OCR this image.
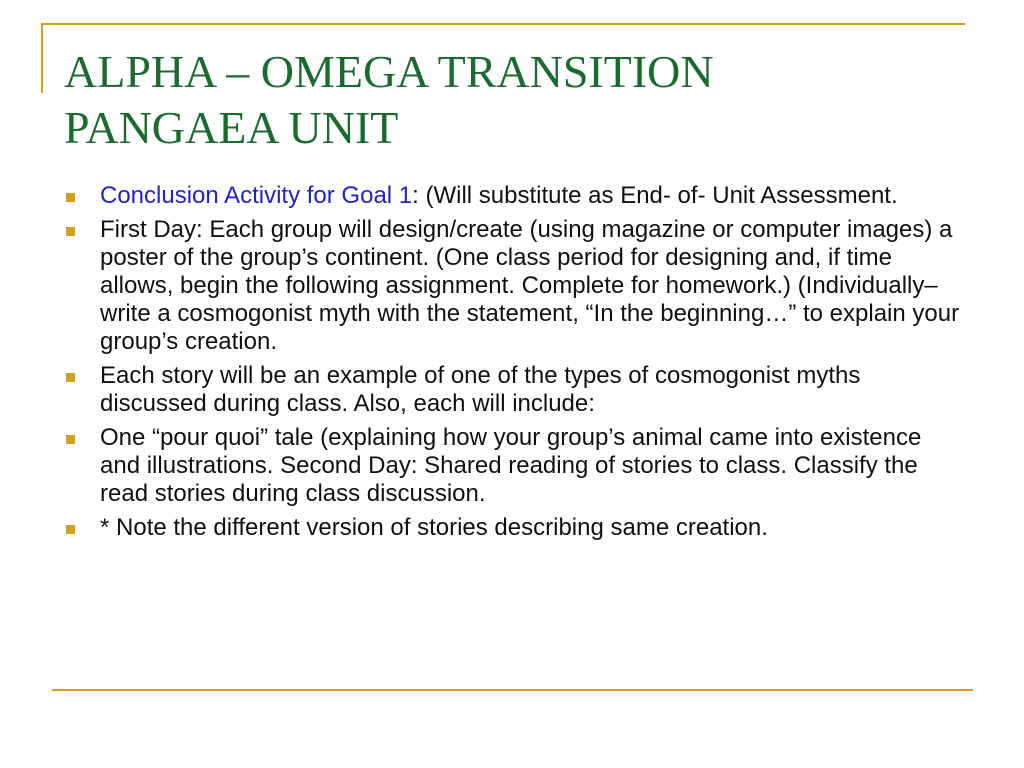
ALPHA – OMEGA TRANSITION
PANGAEA UNIT
Conclusion Activity for Goal 1: (Will substitute as End- of- Unit Assessment.
First Day: Each group will design/create (using magazine or computer images) a poster of the group’s continent. (One class period for designing and, if time allows, begin the following assignment. Complete for homework.) (Individually– write a cosmogonist myth with the statement, “In the beginning…” to explain your group’s creation.
Each story will be an example of one of the types of cosmogonist myths discussed during class. Also, each will include:
One “pour quoi” tale (explaining how your group’s animal came into existence and illustrations. Second Day: Shared reading of stories to class. Classify the read stories during class discussion.
* Note the different version of stories describing same creation.
